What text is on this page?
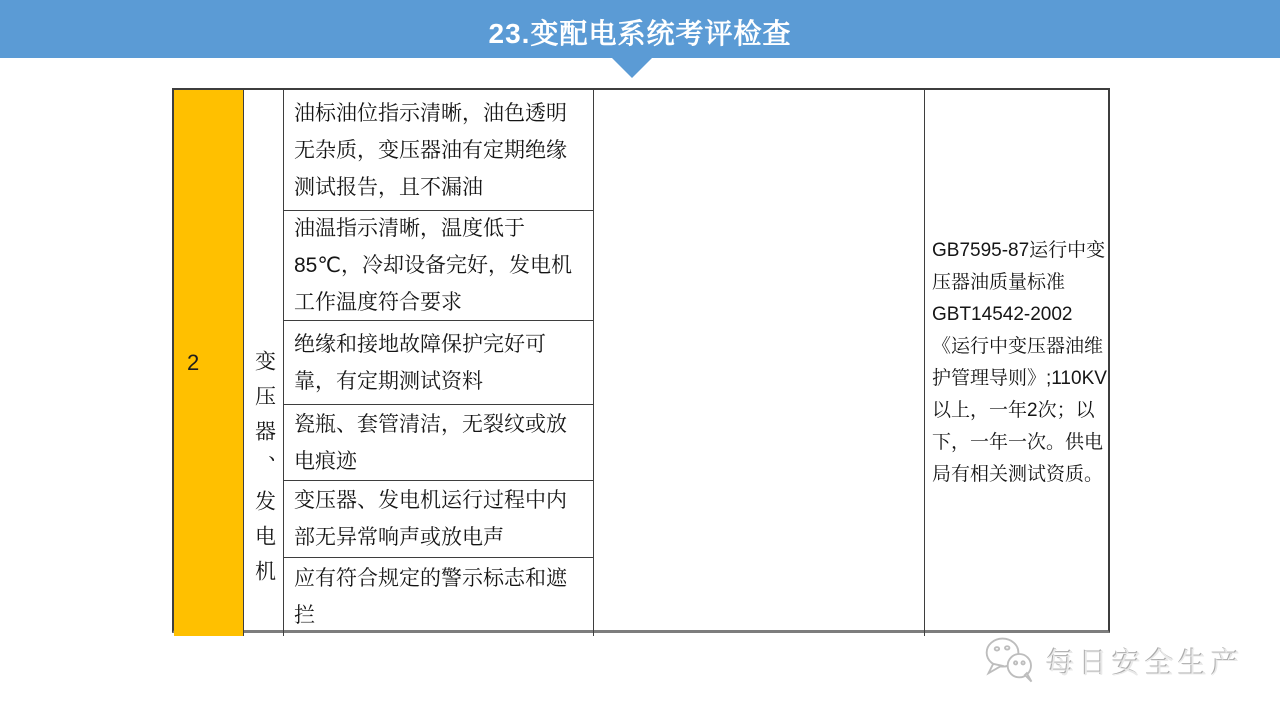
23.变配电系统考评检查
2	变压器、发电机
油标油位指示清晰，油色透明无杂质，变压器油有定期绝缘测试报告，且不漏油
油温指示清晰，温度低于85℃，冷却设备完好，发电机工作温度符合要求
绝缘和接地故障保护完好可靠，有定期测试资料
瓷瓶、套管清洁，无裂纹或放电痕迹
变压器、发电机运行过程中内部无异常响声或放电声
应有符合规定的警示标志和遮拦
GB7595-87运行中变压器油质量标准GBT14542-2002《运行中变压器油维护管理导则》;110KV以上，一年2次；以下，一年一次。供电局有相关测试资质。
每日安全生产
